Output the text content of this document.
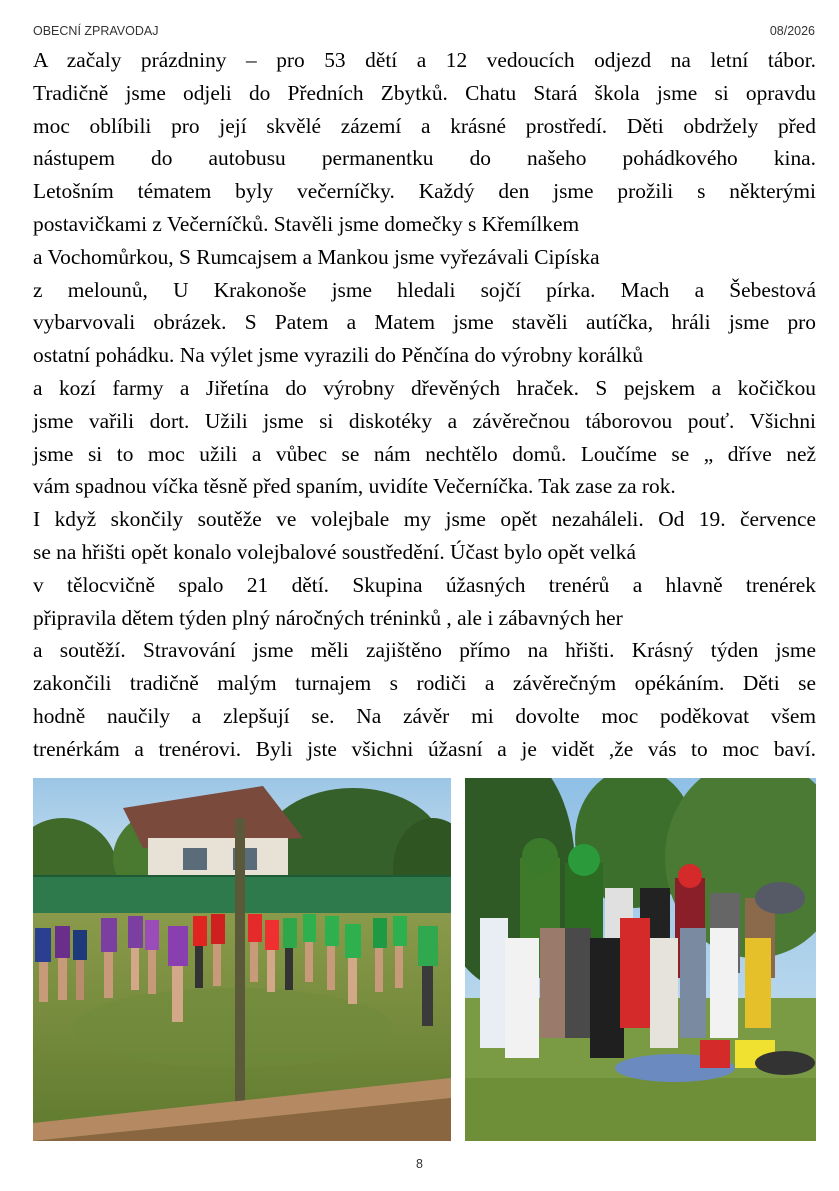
OBECNÍ ZPRAVODAJ	08/2026
A začaly prázdniny – pro 53 dětí a 12 vedoucích odjezd na letní tábor.
Tradičně jsme odjeli do Předních Zbytků. Chatu Stará škola jsme si opravdu
moc oblíbili pro její skvělé zázemí a krásné prostředí. Děti obdržely před
nástupem do autobusu permanentku do našeho pohádkového kina.
Letošním tématem byly večerníčky. Každý den jsme prožili s některými
postavičkami z Večerníčků. Stavěli jsme domečky s Křemílkem
a Vochomůrkou, S Rumcajsem a Mankou jsme vyřezávali Cipíska
z melounů, U Krakonoše jsme hledali sojčí pírka. Mach a Šebestová
vybarvovali obrázek. S Patem a Matem jsme stavěli autíčka, hráli jsme pro
ostatní pohádku. Na výlet jsme vyrazili do Pěnčína do výrobny korálků
a kozí farmy a Jiřetína do výrobny dřevěných hraček. S pejskem a kočičkou
jsme vařili dort. Užili jsme si diskotéky a závěrečnou táborovou pouť. Všichni
jsme si to moc užili a vůbec se nám nechtělo domů. Loučíme se „ dříve než
vám spadnou víčka těsně před spaním, uvidíte Večerníčka. Tak zase za rok.
I když skončily soutěže ve volejbale my jsme opět nezaháleli. Od 19. července
se na hřišti opět konalo volejbalové soustředění. Účast bylo opět velká
v tělocvičně spalo 21 dětí. Skupina úžasných trenérů a hlavně trenérek
připravila dětem týden plný náročných tréninků , ale i zábavných her
a soutěží. Stravování jsme měli zajištěno přímo na hřišti. Krásný týden jsme
zakončili tradičně malým turnajem s rodiči a závěrečným opékáním. Děti se
hodně naučily a zlepšují se. Na závěr mi dovolte moc poděkovat všem
trenérkám a trenérovi. Byli jste všichni úžasní a je vidět ,že vás to moc baví.
8
